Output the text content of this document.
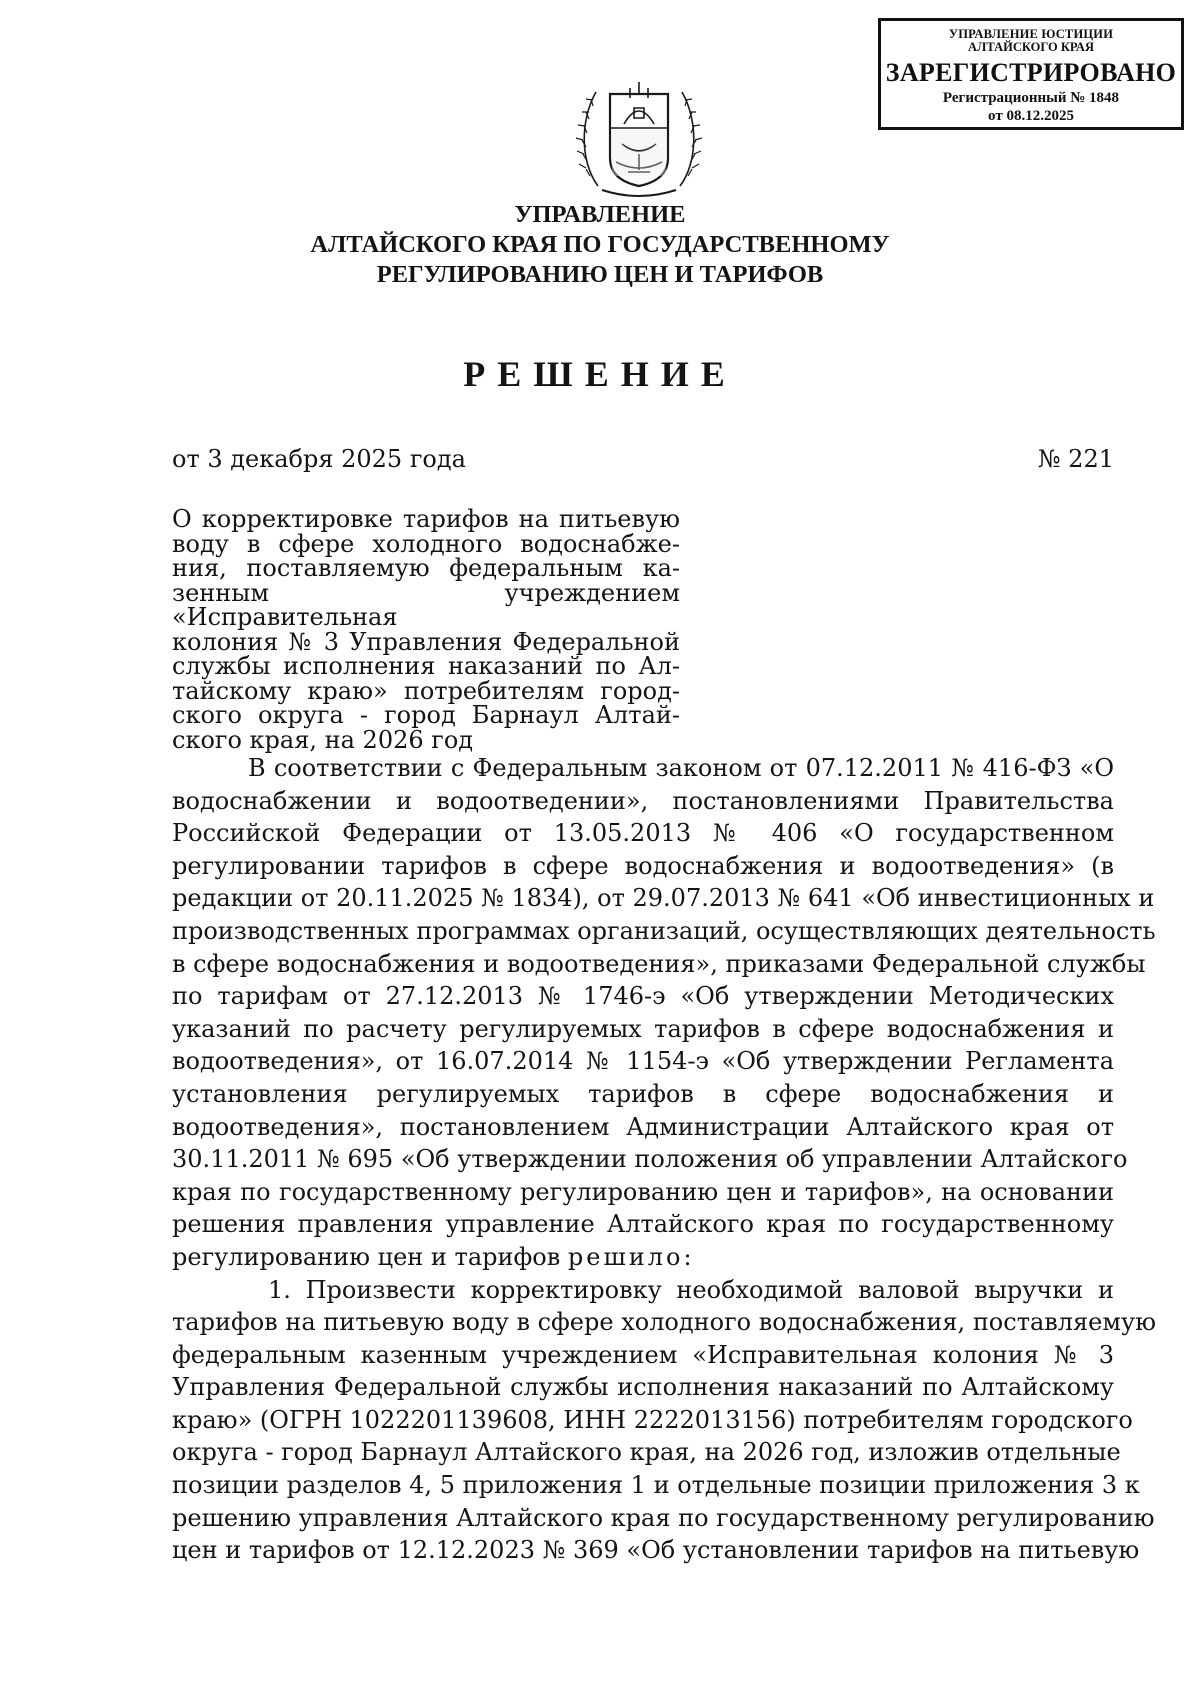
УПРАВЛЕНИЕ ЮСТИЦИИ
АЛТАЙСКОГО КРАЯ
ЗАРЕГИСТРИРОВАНО
Регистрационный № 1848
от 08.12.2025
УПРАВЛЕНИЕ
АЛТАЙСКОГО КРАЯ ПО ГОСУДАРСТВЕННОМУ
РЕГУЛИРОВАНИЮ ЦЕН И ТАРИФОВ
РЕШЕНИЕ
от 3 декабря 2025 года	№ 221
О корректировке тарифов на питьевую
воду в сфере холодного водоснабже-
ния, поставляемую федеральным ка-
зенным учреждением «Исправительная
колония № 3 Управления Федеральной
службы исполнения наказаний по Ал-
тайскому краю» потребителям город-
ского округа - город Барнаул Алтай-
ского края, на 2026 год
В соответствии с Федеральным законом от 07.12.2011 № 416-ФЗ «О
водоснабжении и водоотведении», постановлениями Правительства
Российской Федерации от 13.05.2013 № 406 «О государственном
регулировании тарифов в сфере водоснабжения и водоотведения» (в
редакции от 20.11.2025 № 1834), от 29.07.2013 № 641 «Об инвестиционных и
производственных программах организаций, осуществляющих деятельность
в сфере водоснабжения и водоотведения», приказами Федеральной службы
по тарифам от 27.12.2013 № 1746-э «Об утверждении Методических
указаний по расчету регулируемых тарифов в сфере водоснабжения и
водоотведения», от 16.07.2014 № 1154-э «Об утверждении Регламента
установления регулируемых тарифов в сфере водоснабжения и
водоотведения», постановлением Администрации Алтайского края от
30.11.2011 № 695 «Об утверждении положения об управлении Алтайского
края по государственному регулированию цен и тарифов», на основании
решения правления управление Алтайского края по государственному
регулированию цен и тарифов решило:
1. Произвести корректировку необходимой валовой выручки и
тарифов на питьевую воду в сфере холодного водоснабжения, поставляемую
федеральным казенным учреждением «Исправительная колония № 3
Управления Федеральной службы исполнения наказаний по Алтайскому
краю» (ОГРН 1022201139608, ИНН 2222013156) потребителям городского
округа - город Барнаул Алтайского края, на 2026 год, изложив отдельные
позиции разделов 4, 5 приложения 1 и отдельные позиции приложения 3 к
решению управления Алтайского края по государственному регулированию
цен и тарифов от 12.12.2023 № 369 «Об установлении тарифов на питьевую
